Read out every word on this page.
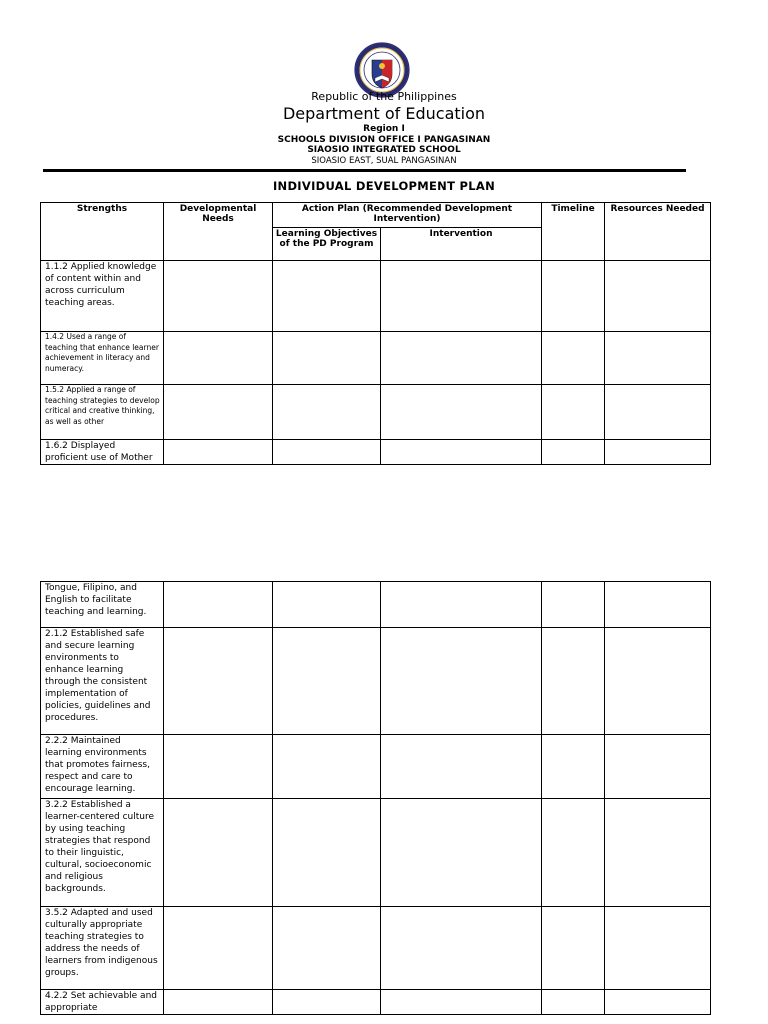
Republic of the Philippines
Department of Education
Region I
SCHOOLS DIVISION OFFICE I PANGASINAN
SIAOSIO INTEGRATED SCHOOL
SIOASIO EAST, SUAL PANGASINAN
INDIVIDUAL DEVELOPMENT PLAN
Strengths	Developmental Needs	Action Plan (Recommended Development Intervention)		Timeline	Resources Needed
		Learning Objectives of the PD Program	Intervention		
1.1.2 Applied knowledge of content within and across curriculum teaching areas.					
1.4.2 Used a range of teaching that enhance learner achievement in literacy and numeracy.					
1.5.2 Applied a range of teaching strategies to develop critical and creative thinking, as well as other					
1.6.2 Displayed proficient use of Mother					
Tongue, Filipino, and English to facilitate teaching and learning.					
2.1.2 Established safe and secure learning environments to enhance learning through the consistent implementation of policies, guidelines and procedures.					
2.2.2 Maintained learning environments that promotes fairness, respect and care to encourage learning.					
3.2.2 Established a learner-centered culture by using teaching strategies that respond to their linguistic, cultural, socioeconomic and religious backgrounds.					
3.5.2 Adapted and used culturally appropriate teaching strategies to address the needs of learners from indigenous groups.					
4.2.2 Set achievable and appropriate					
